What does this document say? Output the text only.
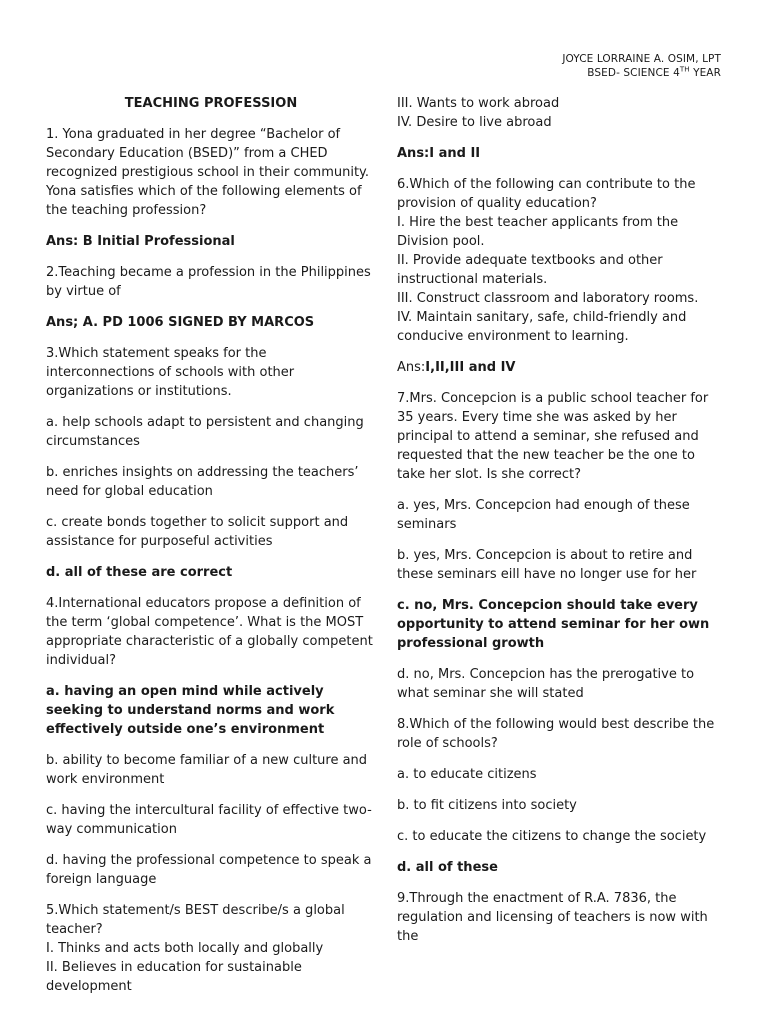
JOYCE LORRAINE A. OSIM, LPT
BSED- SCIENCE 4TH YEAR

TEACHING PROFESSION

1. Yona graduated in her degree “Bachelor of Secondary Education (BSED)” from a CHED recognized prestigious school in their community. Yona satisfies which of the following elements of the teaching profession?

Ans: B Initial Professional

2.Teaching became a profession in the Philippines by virtue of

Ans; A. PD 1006 SIGNED BY MARCOS

3.Which statement speaks for the interconnections of schools with other organizations or institutions.

a. help schools adapt to persistent and changing circumstances

b. enriches insights on addressing the teachers’ need for global education

c. create bonds together to solicit support and assistance for purposeful activities

d. all of these are correct

4.International educators propose a definition of the term ‘global competence’. What is the MOST appropriate characteristic of a globally competent individual?

a. having an open mind while actively seeking to understand norms and work effectively outside one’s environment

b. ability to become familiar of a new culture and work environment

c. having the intercultural facility of effective two-way communication

d. having the professional competence to speak a foreign language

5.Which statement/s BEST describe/s a global teacher?

I. Thinks and acts both locally and globally

II. Believes in education for sustainable development

III. Wants to work abroad

IV. Desire to live abroad

Ans:I and II

6.Which of the following can contribute to the provision of quality education?

I. Hire the best teacher applicants from the Division pool.

II. Provide adequate textbooks and other instructional materials.

III. Construct classroom and laboratory rooms.

IV. Maintain sanitary, safe, child-friendly and conducive environment to learning.

Ans:I,II,III and IV

7.Mrs. Concepcion is a public school teacher for 35 years. Every time she was asked by her principal to attend a seminar, she refused and requested that the new teacher be the one to take her slot. Is she correct?

a. yes, Mrs. Concepcion had enough of these seminars

b. yes, Mrs. Concepcion is about to retire and these seminars eill have no longer use for her

c. no, Mrs. Concepcion should take every opportunity to attend seminar for her own professional growth

d. no, Mrs. Concepcion has the prerogative to what seminar she will stated

8.Which of the following would best describe the role of schools?

a. to educate citizens

b. to fit citizens into society

c. to educate the citizens to change the society

d. all of these

9.Through the enactment of R.A. 7836, the regulation and licensing of teachers is now with the
